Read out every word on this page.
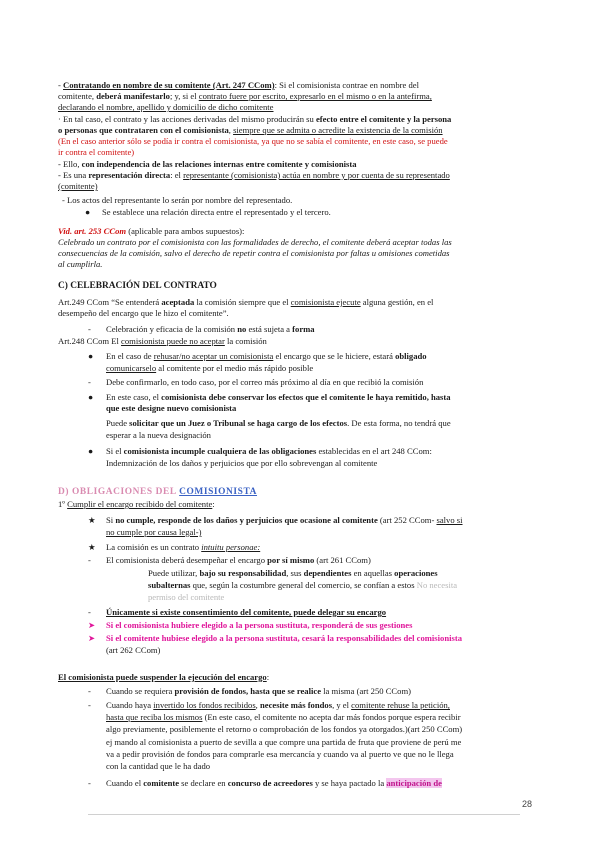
- Contratando en nombre de su comitente (Art. 247 CCom): Si el comisionista contrae en nombre del
comitente, deberá manifestarlo; y, si el contrato fuere por escrito, expresarlo en el mismo o en la antefirma,
declarando el nombre, apellido y domicilio de dicho comitente
· En tal caso, el contrato y las acciones derivadas del mismo producirán su efecto entre el comitente y la persona
o personas que contrataren con el comisionista, siempre que se admita o acredite la existencia de la comisión
(En el caso anterior sólo se podía ir contra el comisionista, ya que no se sabía el comitente, en este caso, se puede
ir contra el comitente)
- Ello, con independencia de las relaciones internas entre comitente y comisionista
- Es una representación directa: el representante (comisionista) actúa en nombre y por cuenta de su representado
(comitente)
- Los actos del representante lo serán por nombre del representado.
● Se establece una relación directa entre el representado y el tercero.
Vid. art. 253 CCom (aplicable para ambos supuestos):
Celebrado un contrato por el comisionista con las formalidades de derecho, el comitente deberá aceptar todas las
consecuencias de la comisión, salvo el derecho de repetir contra el comisionista por faltas u omisiones cometidas
al cumplirla.
C) CELEBRACIÓN DEL CONTRATO
Art.249 CCom “Se entenderá aceptada la comisión siempre que el comisionista ejecute alguna gestión, en el
desempeño del encargo que le hizo el comitente”.
- Celebración y eficacia de la comisión no está sujeta a forma
Art.248 CCom El comisionista puede no aceptar la comisión
● En el caso de rehusar/no aceptar un comisionista el encargo que se le hiciere, estará obligado
comunicarselo al comitente por el medio más rápido posible
- Debe confirmarlo, en todo caso, por el correo más próximo al día en que recibió la comisión
● En este caso, el comisionista debe conservar los efectos que el comitente le haya remitido, hasta
que este designe nuevo comisionista
Puede solicitar que un Juez o Tribunal se haga cargo de los efectos. De esta forma, no tendrá que
esperar a la nueva designación
● Si el comisionista incumple cualquiera de las obligaciones establecidas en el art 248 CCom:
Indemnización de los daños y perjuicios que por ello sobrevengan al comitente
D) OBLIGACIONES DEL COMISIONISTA
1º Cumplir el encargo recibido del comitente:
★ Si no cumple, responde de los daños y perjuicios que ocasione al comitente (art 252 CCom- salvo si
no cumple por causa legal-)
★ La comisión es un contrato intuitu personae:
- El comisionista deberá desempeñar el encargo por sí mismo (art 261 CCom)
Puede utilizar, bajo su responsabilidad, sus dependientes en aquellas operaciones
subalternas que, según la costumbre general del comercio, se confían a estos No necesita
permiso del comitente
- Únicamente si existe consentimiento del comitente, puede delegar su encargo
➤ Si el comisionista hubiere elegido a la persona sustituta, responderá de sus gestiones
➤ Si el comitente hubiese elegido a la persona sustituta, cesará la responsabilidades del comisionista
(art 262 CCom)
El comisionista puede suspender la ejecución del encargo:
- Cuando se requiera provisión de fondos, hasta que se realice la misma (art 250 CCom)
- Cuando haya invertido los fondos recibidos, necesite más fondos, y el comitente rehuse la petición,
hasta que reciba los mismos (En este caso, el comitente no acepta dar más fondos porque espera recibir
algo previamente, posiblemente el retorno o comprobación de los fondos ya otorgados.)(art 250 CCom)
ej mando al comisionista a puerto de sevilla a que compre una partida de fruta que proviene de perú me
va a pedir provisión de fondos para comprarle esa mercancía y cuando va al puerto ve que no le llega
con la cantidad que le ha dado
- Cuando el comitente se declare en concurso de acreedores y se haya pactado la anticipación de
28
